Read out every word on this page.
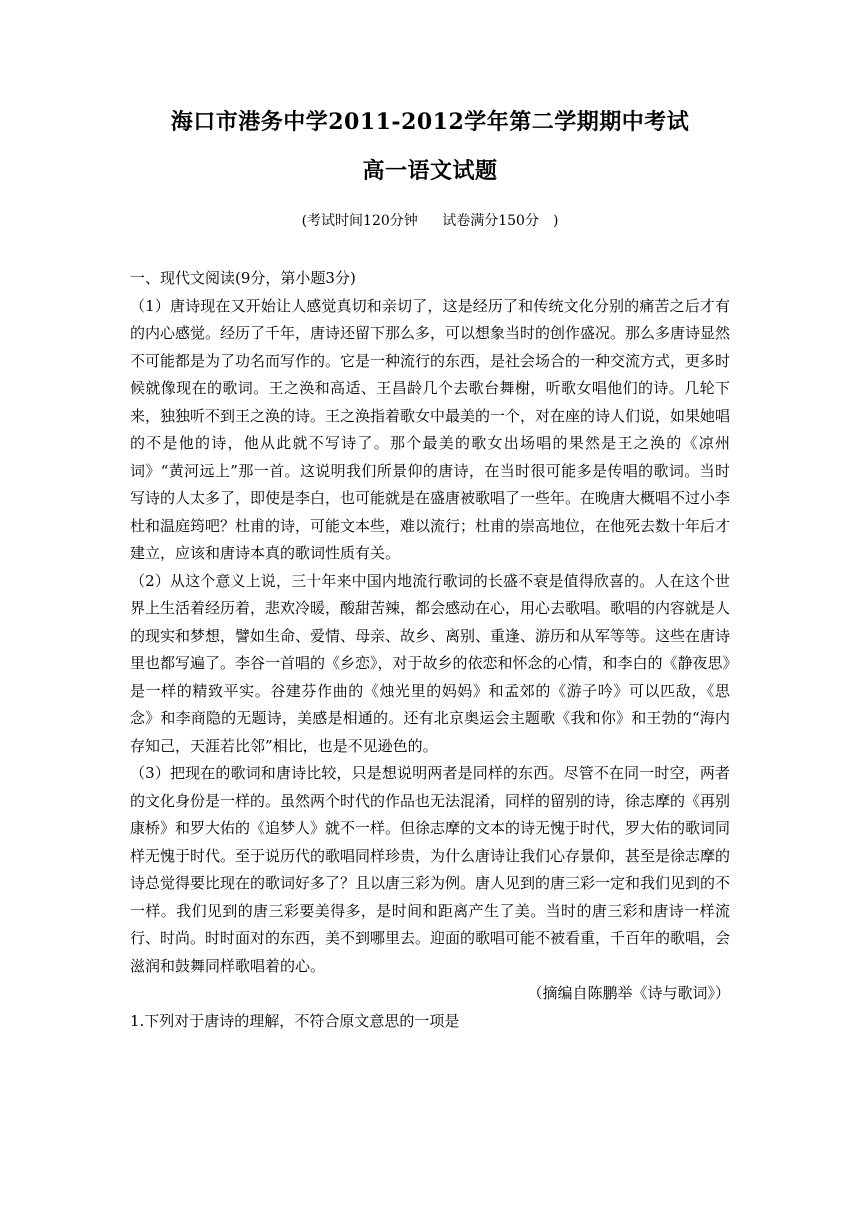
海口市港务中学2011-2012学年第二学期期中考试
高一语文试题
(考试时间120分钟 试卷满分150分　)

一、现代文阅读(9分，第小题3分)

（1）唐诗现在又开始让人感觉真切和亲切了，这是经历了和传统文化分别的痛苦之后才有的内心感觉。经历了千年，唐诗还留下那么多，可以想象当时的创作盛况。那么多唐诗显然不可能都是为了功名而写作的。它是一种流行的东西，是社会场合的一种交流方式，更多时候就像现在的歌词。王之涣和高适、王昌龄几个去歌台舞榭，听歌女唱他们的诗。几轮下来，独独听不到王之涣的诗。王之涣指着歌女中最美的一个，对在座的诗人们说，如果她唱的不是他的诗，他从此就不写诗了。那个最美的歌女出场唱的果然是王之涣的《凉州词》“黄河远上”那一首。这说明我们所景仰的唐诗，在当时很可能多是传唱的歌词。当时写诗的人太多了，即使是李白，也可能就是在盛唐被歌唱了一些年。在晚唐大概唱不过小李杜和温庭筠吧？杜甫的诗，可能文本些，难以流行；杜甫的崇高地位，在他死去数十年后才建立，应该和唐诗本真的歌词性质有关。

（2）从这个意义上说，三十年来中国内地流行歌词的长盛不衰是值得欣喜的。人在这个世界上生活着经历着，悲欢冷暖，酸甜苦辣，都会感动在心，用心去歌唱。歌唱的内容就是人的现实和梦想，譬如生命、爱情、母亲、故乡、离别、重逢、游历和从军等等。这些在唐诗里也都写遍了。李谷一首唱的《乡恋》，对于故乡的依恋和怀念的心情，和李白的《静夜思》是一样的精致平实。谷建芬作曲的《烛光里的妈妈》和孟郊的《游子吟》可以匹敌，《思念》和李商隐的无题诗，美感是相通的。还有北京奥运会主题歌《我和你》和王勃的“海内存知己，天涯若比邻”相比，也是不见逊色的。

（3）把现在的歌词和唐诗比较，只是想说明两者是同样的东西。尽管不在同一时空，两者的文化身份是一样的。虽然两个时代的作品也无法混淆，同样的留别的诗，徐志摩的《再别康桥》和罗大佑的《追梦人》就不一样。但徐志摩的文本的诗无愧于时代，罗大佑的歌词同样无愧于时代。至于说历代的歌唱同样珍贵，为什么唐诗让我们心存景仰，甚至是徐志摩的诗总觉得要比现在的歌词好多了？且以唐三彩为例。唐人见到的唐三彩一定和我们见到的不一样。我们见到的唐三彩要美得多，是时间和距离产生了美。当时的唐三彩和唐诗一样流行、时尚。时时面对的东西，美不到哪里去。迎面的歌唱可能不被看重，千百年的歌唱，会滋润和鼓舞同样歌唱着的心。

（摘编自陈鹏举《诗与歌词》）

1.下列对于唐诗的理解，不符合原文意思的一项是
